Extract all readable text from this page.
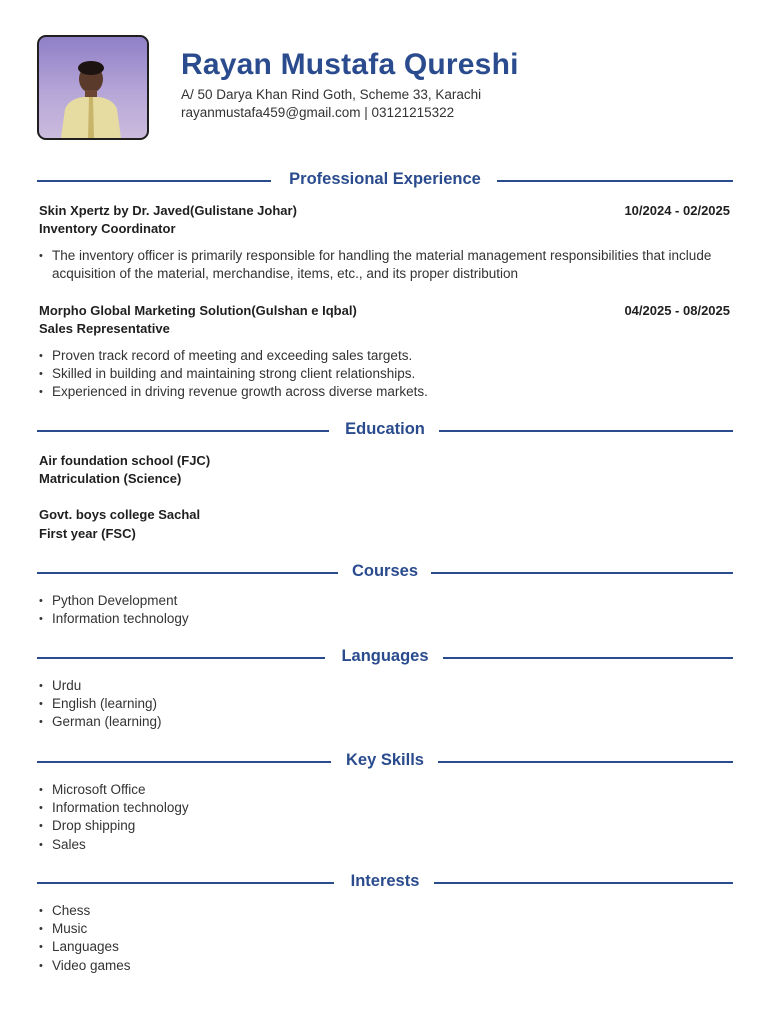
Rayan Mustafa Qureshi
A/ 50 Darya Khan Rind Goth, Scheme 33, Karachi
rayanmustafa459@gmail.com | 03121215322
Professional Experience
Skin Xpertz by Dr. Javed(Gulistane Johar)	10/2024 - 02/2025
Inventory Coordinator
• The inventory officer is primarily responsible for handling the material management responsibilities that include acquisition of the material, merchandise, items, etc., and its proper distribution
Morpho Global Marketing Solution(Gulshan e Iqbal)	04/2025 - 08/2025
Sales Representative
• Proven track record of meeting and exceeding sales targets.
• Skilled in building and maintaining strong client relationships.
• Experienced in driving revenue growth across diverse markets.
Education
Air foundation school (FJC)
Matriculation (Science)
Govt. boys college Sachal
First year (FSC)
Courses
• Python Development
• Information technology
Languages
• Urdu
• English (learning)
• German (learning)
Key Skills
• Microsoft Office
• Information technology
• Drop shipping
• Sales
Interests
• Chess
• Music
• Languages
• Video games
